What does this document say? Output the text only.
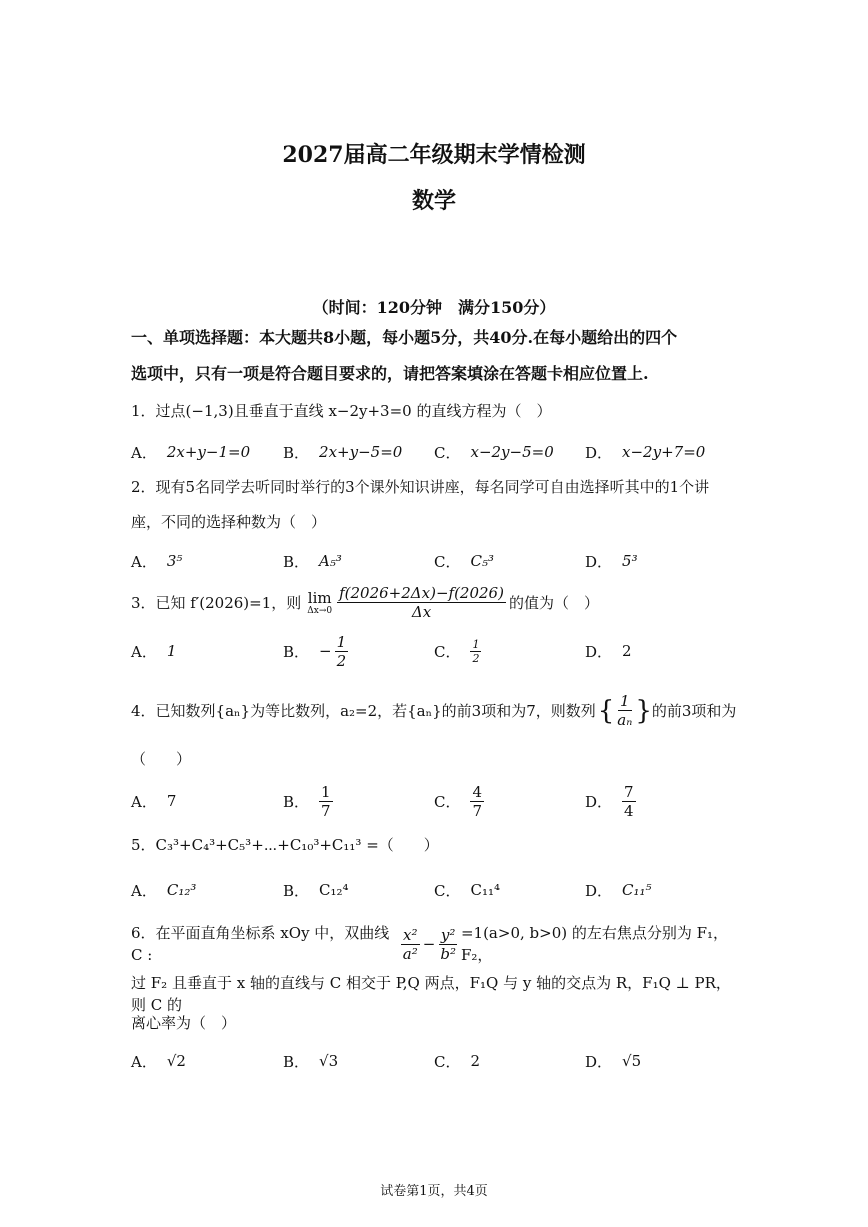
2027届高二年级期末学情检测
数学
（时间：120分钟　满分150分）
一、单项选择题：本大题共8小题，每小题5分，共40分.在每小题给出的四个
选项中，只有一项是符合题目要求的，请把答案填涂在答题卡相应位置上.
1．过点(−1,3)且垂直于直线 x−2y+3=0 的直线方程为（　）
A． 2x+y−1=0 B． 2x+y−5=0 C． x−2y−5=0 D． x−2y+7=0
2．现有5名同学去听同时举行的3个课外知识讲座，每名同学可自由选择听其中的1个讲
座，不同的选择种数为（　）
A． 3⁵	B． A₅³	C． C₅³	D． 5³
3．已知 f′(2026)=1，则 lim
$\Delta x\to 0 \frac{f(2026+2\Delta x)-f(2026)}{\Delta x}$ 的值为（　）
A． 1	B． − $\frac{1}{2}$	C． $\frac{1}{2}$	D． 2
4．已知数列{aₙ}为等比数列，a₂=2，若{aₙ}的前3项和为7，则数列 { $\frac{1}{\text{aₙ}}$ } 的前3项和为
（　　）
A． 7	B． $\frac{1}{7}$	C． $\frac{4}{7}$	D． $\frac{7}{4}$
5．C₃³+C₄³+C₅³+⋯+C₁₀³+C₁₁³ =（　　）
A． C₁₂³	B． C₁₂⁴	C． C₁₁⁴	D． C₁₁⁵
6．在平面直角坐标系 xOy 中，双曲线 C :	$\frac{\text{x²}}{\text{a²}} - \frac{\text{y²}}{\text{b²}} =1(a>0$, b>0) 的左右焦点分别为 F₁，F₂，
过 F₂ 且垂直于 x 轴的直线与 C 相交于 P,Q 两点，F₁Q 与 y 轴的交点为 R，F₁Q ⊥ PR，则 C 的
离心率为（　）
A． √2	B． √3	C． 2	D． √5
试卷第1页，共4页
